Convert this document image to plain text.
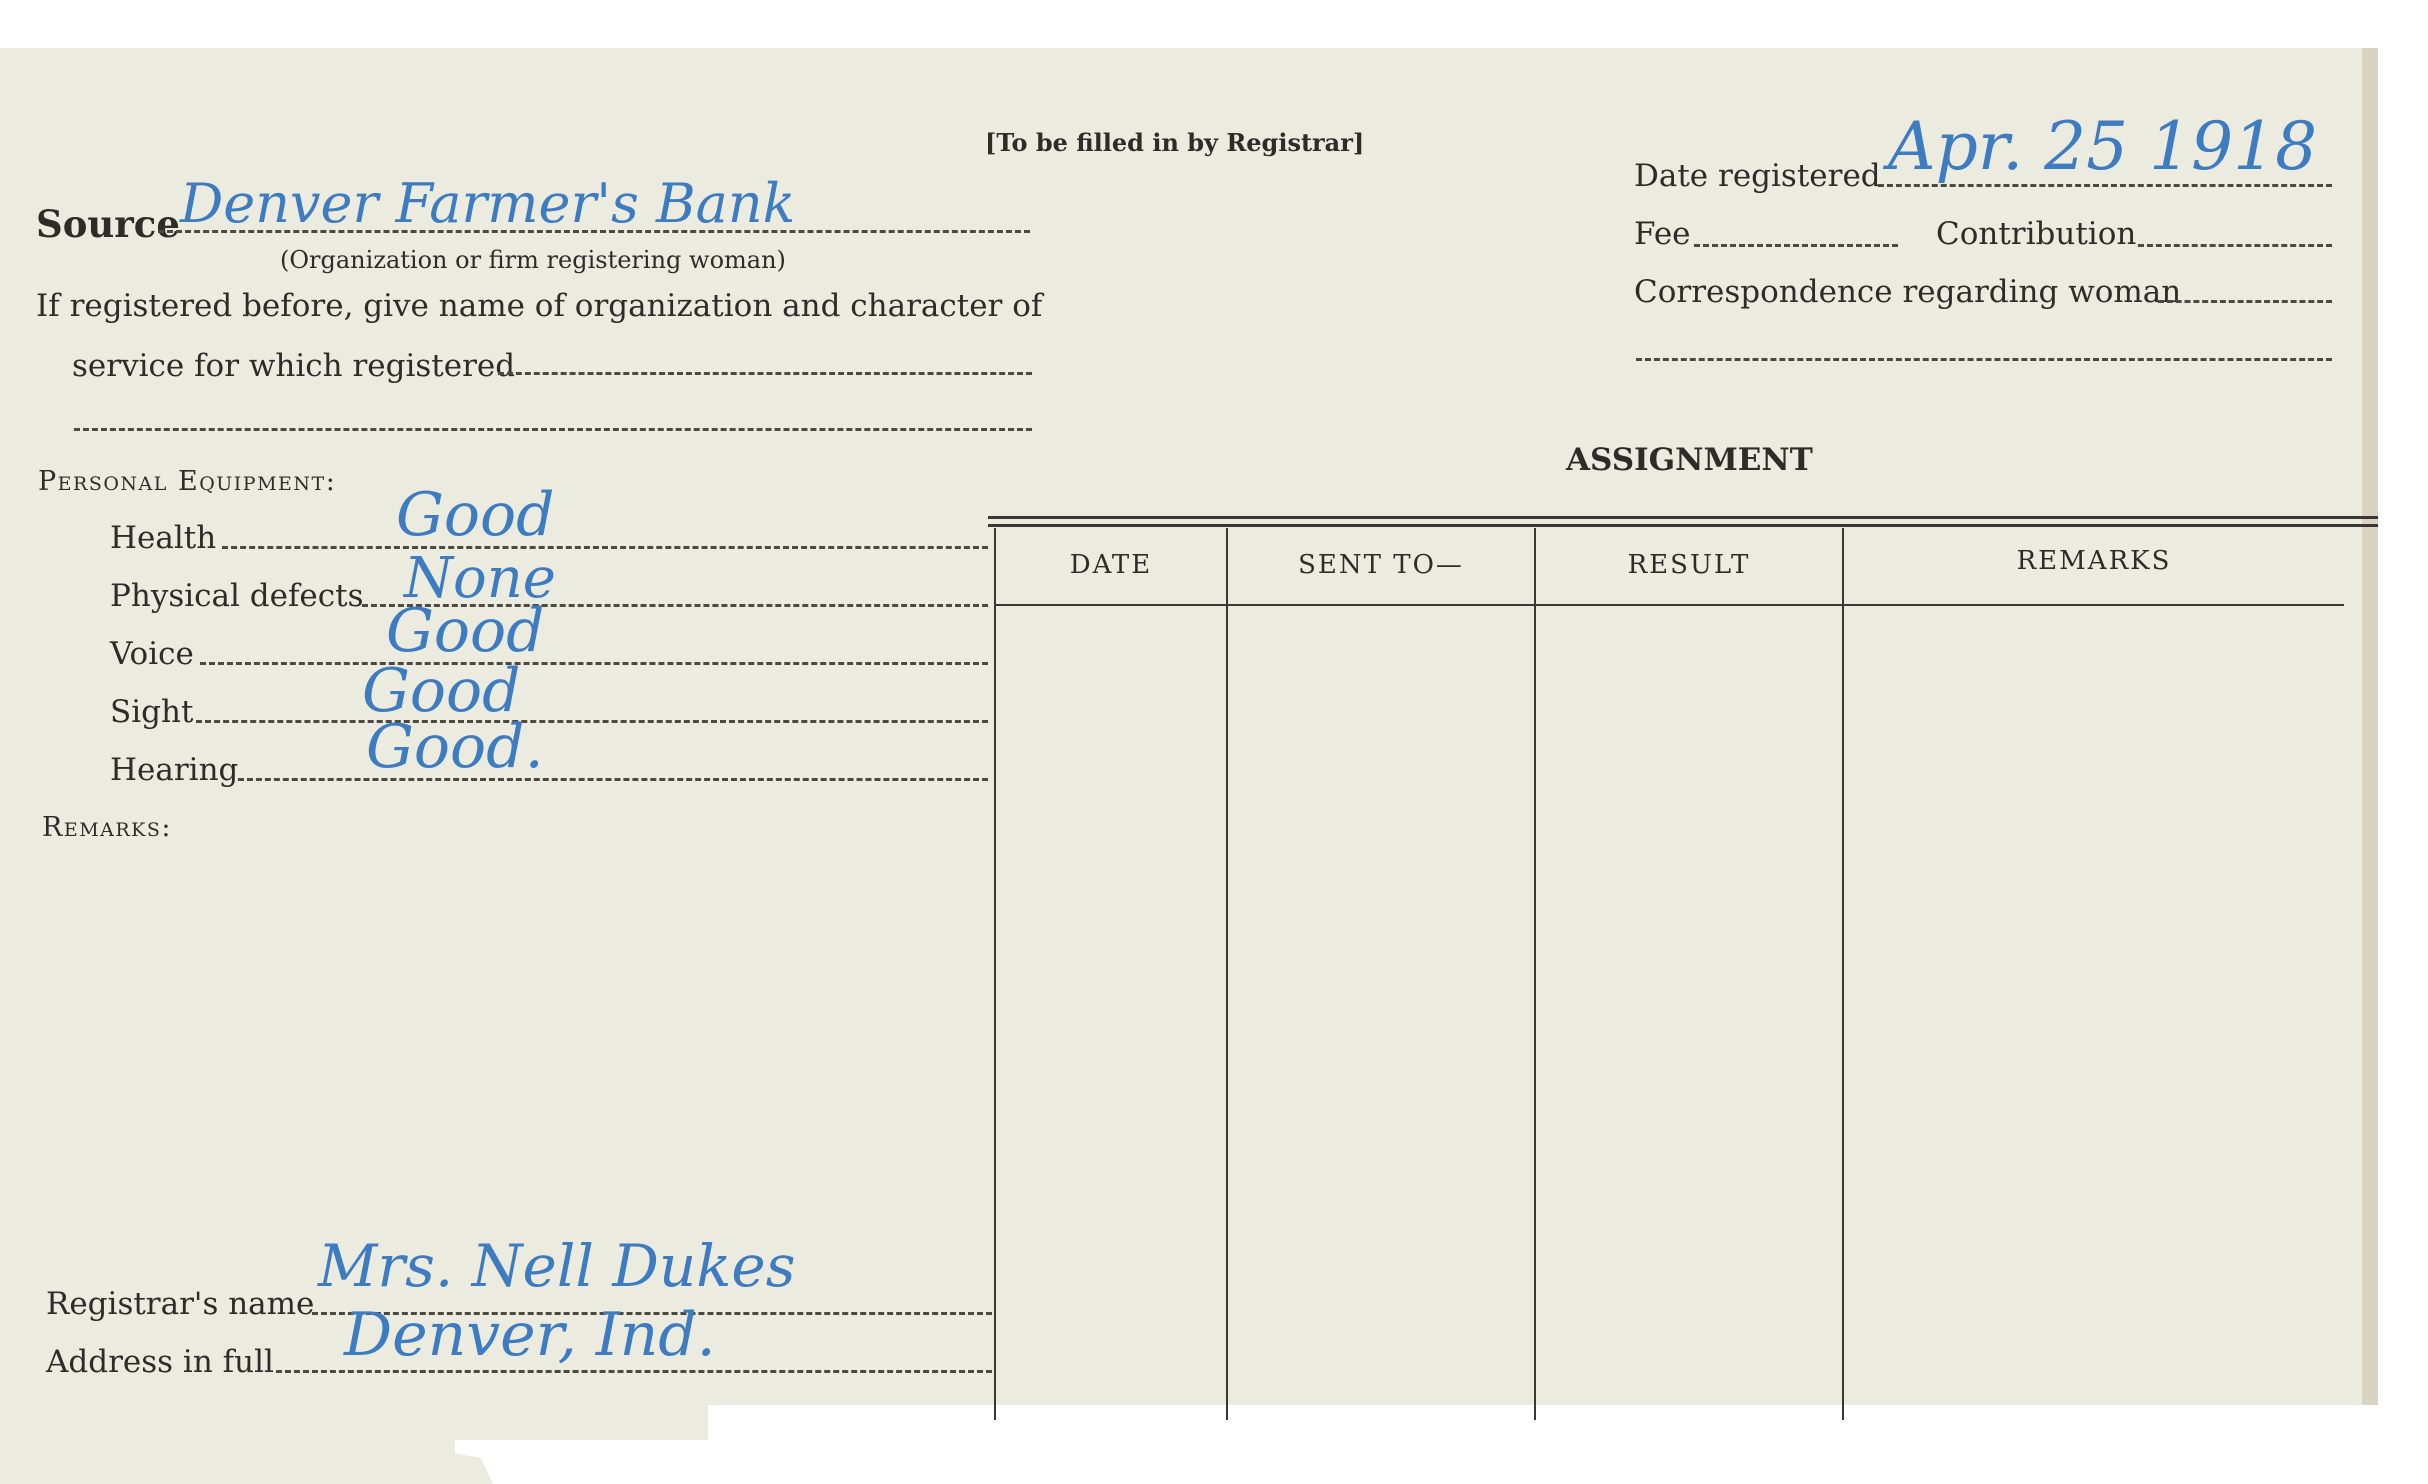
[To be filled in by Registrar]
Source Denver Farmer's Bank
(Organization or firm registering woman)
If registered before, give name of organization and character of
service for which registered
Date registered Apr. 25 1918
Fee	Contribution
Correspondence regarding woman
Personal Equipment:
Health	Good
Physical defects None
Voice	Good
Sight	Good
Hearing Good.
Remarks:
Registrar's name
Mrs. Nell Dukes
Address in full Denver, Ind.
ASSIGNMENT
DATE	SENT TO—	RESULT	REMARKS
